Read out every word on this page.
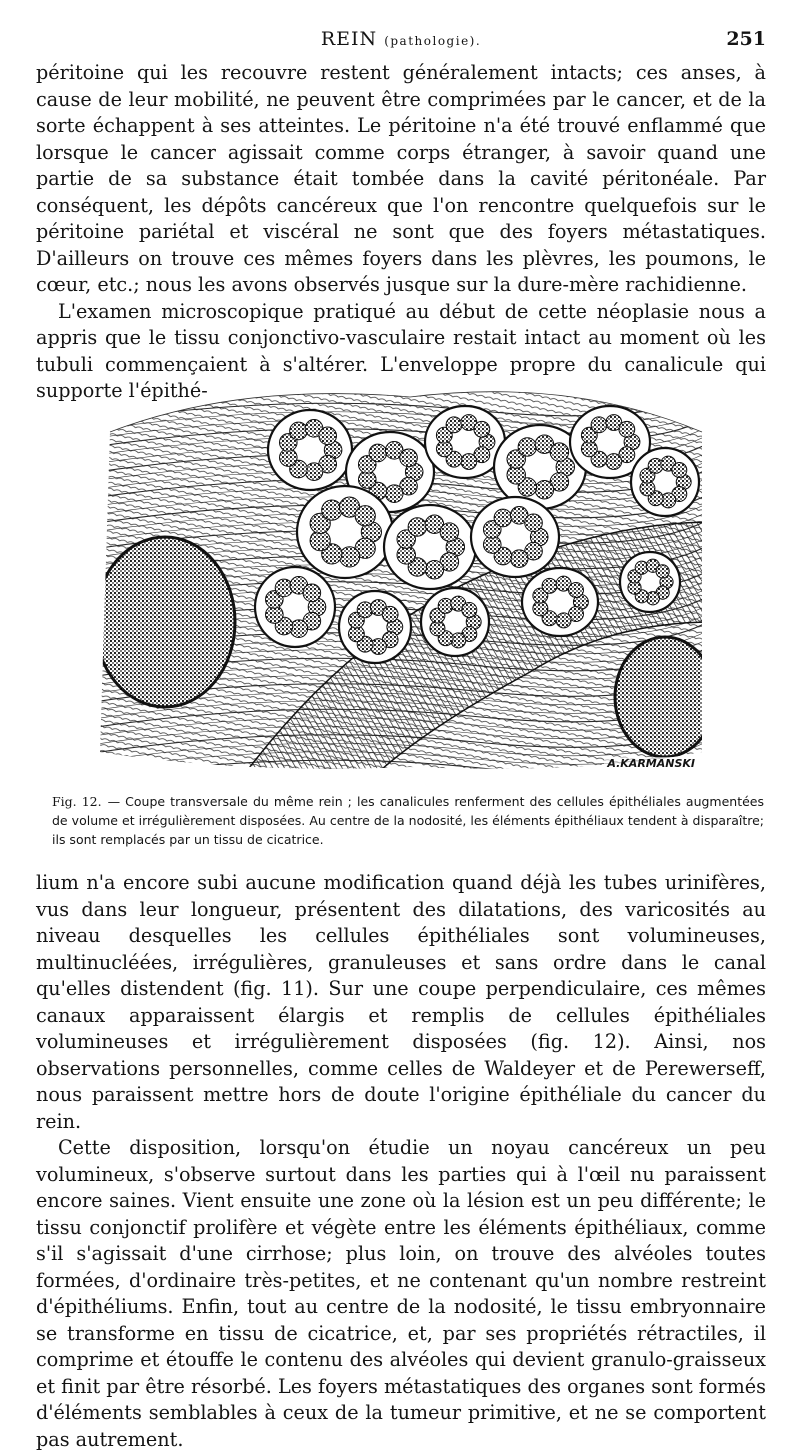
REIN (pathologie).	251

péritoine qui les recouvre restent généralement intacts; ces anses, à cause de leur mobilité, ne peuvent être comprimées par le cancer, et de la sorte échappent à ses atteintes. Le péritoine n'a été trouvé enflammé que lorsque le cancer agissait comme corps étranger, à savoir quand une partie de sa substance était tombée dans la cavité péritonéale. Par conséquent, les dépôts cancéreux que l'on rencontre quelquefois sur le péritoine pariétal et viscéral ne sont que des foyers métastatiques. D'ailleurs on trouve ces mêmes foyers dans les plèvres, les poumons, le cœur, etc.; nous les avons observés jusque sur la dure-mère rachidienne.

L'examen microscopique pratiqué au début de cette néoplasie nous a appris que le tissu conjonctivo-vasculaire restait intact au moment où les tubuli commençaient à s'altérer. L'enveloppe propre du canalicule qui supporte l'épithé-

A.KARMANSKI
Fig. 12. — Coupe transversale du même rein ; les canalicules renferment des cellules épithéliales augmentées de volume et irrégulièrement disposées. Au centre de la nodosité, les éléments épithéliaux tendent à disparaître; ils sont remplacés par un tissu de cicatrice.

lium n'a encore subi aucune modification quand déjà les tubes urinifères, vus dans leur longueur, présentent des dilatations, des varicosités au niveau desquelles les cellules épithéliales sont volumineuses, multinucléées, irrégulières, granuleuses et sans ordre dans le canal qu'elles distendent (fig. 11). Sur une coupe perpendiculaire, ces mêmes canaux apparaissent élargis et remplis de cellules épithéliales volumineuses et irrégulièrement disposées (fig. 12). Ainsi, nos observations personnelles, comme celles de Waldeyer et de Perewerseff, nous paraissent mettre hors de doute l'origine épithéliale du cancer du rein.

Cette disposition, lorsqu'on étudie un noyau cancéreux un peu volumineux, s'observe surtout dans les parties qui à l'œil nu paraissent encore saines. Vient ensuite une zone où la lésion est un peu différente; le tissu conjonctif prolifère et végète entre les éléments épithéliaux, comme s'il s'agissait d'une cirrhose; plus loin, on trouve des alvéoles toutes formées, d'ordinaire très-petites, et ne contenant qu'un nombre restreint d'épithéliums. Enfin, tout au centre de la nodosité, le tissu embryonnaire se transforme en tissu de cicatrice, et, par ses propriétés rétractiles, il comprime et étouffe le contenu des alvéoles qui devient granulo-graisseux et finit par être résorbé. Les foyers métastatiques des organes sont formés d'éléments semblables à ceux de la tumeur primitive, et ne se comportent pas autrement.
